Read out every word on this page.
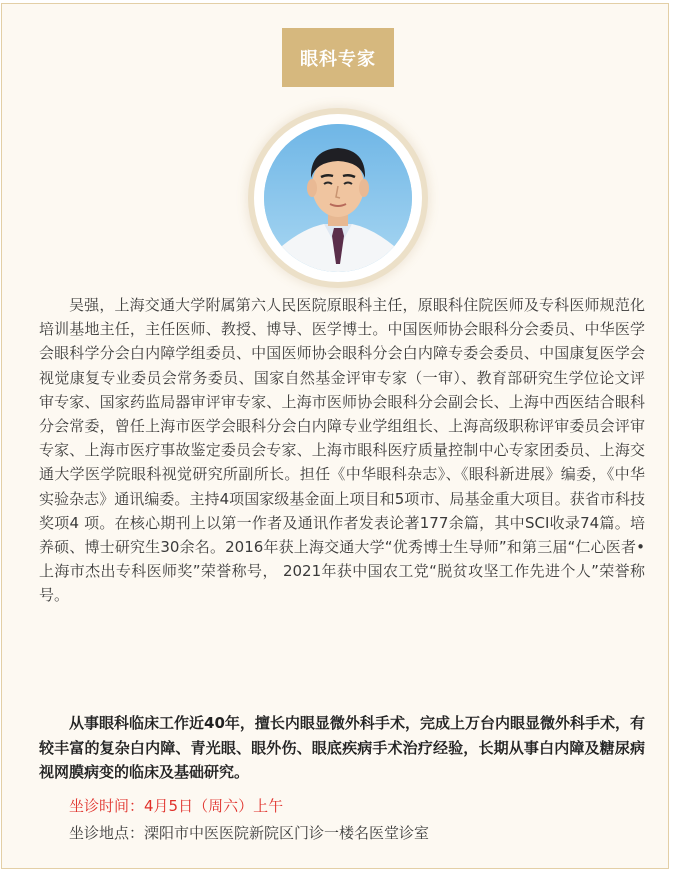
眼科专家

吴强，上海交通大学附属第六人民医院原眼科主任，原眼科住院医师及专科医师规范化培训基地主任，主任医师、教授、博导、医学博士。中国医师协会眼科分会委员、中华医学会眼科学分会白内障学组委员、中国医师协会眼科分会白内障专委会委员、中国康复医学会视觉康复专业委员会常务委员、国家自然基金评审专家（一审）、教育部研究生学位论文评审专家、国家药监局器审评审专家、上海市医师协会眼科分会副会长、上海中西医结合眼科分会常委，曾任上海市医学会眼科分会白内障专业学组组长、上海高级职称评审委员会评审专家、上海市医疗事故鉴定委员会专家、上海市眼科医疗质量控制中心专家团委员、上海交通大学医学院眼科视觉研究所副所长。担任《中华眼科杂志》、《眼科新进展》编委，《中华实验杂志》通讯编委。主持4项国家级基金面上项目和5项市、局基金重大项目。获省市科技奖项4 项。在核心期刊上以第一作者及通讯作者发表论著177余篇，其中SCI收录74篇。培养硕、博士研究生30余名。2016年获上海交通大学“优秀博士生导师”和第三届“仁心医者•上海市杰出专科医师奖”荣誉称号， 2021年获中国农工党“脱贫攻坚工作先进个人”荣誉称号。

从事眼科临床工作近40年，擅长内眼显微外科手术，完成上万台内眼显微外科手术，有较丰富的复杂白内障、青光眼、眼外伤、眼底疾病手术治疗经验，长期从事白内障及糖尿病视网膜病变的临床及基础研究。

坐诊时间：4月5日（周六）上午
坐诊地点：溧阳市中医医院新院区门诊一楼名医堂诊室
